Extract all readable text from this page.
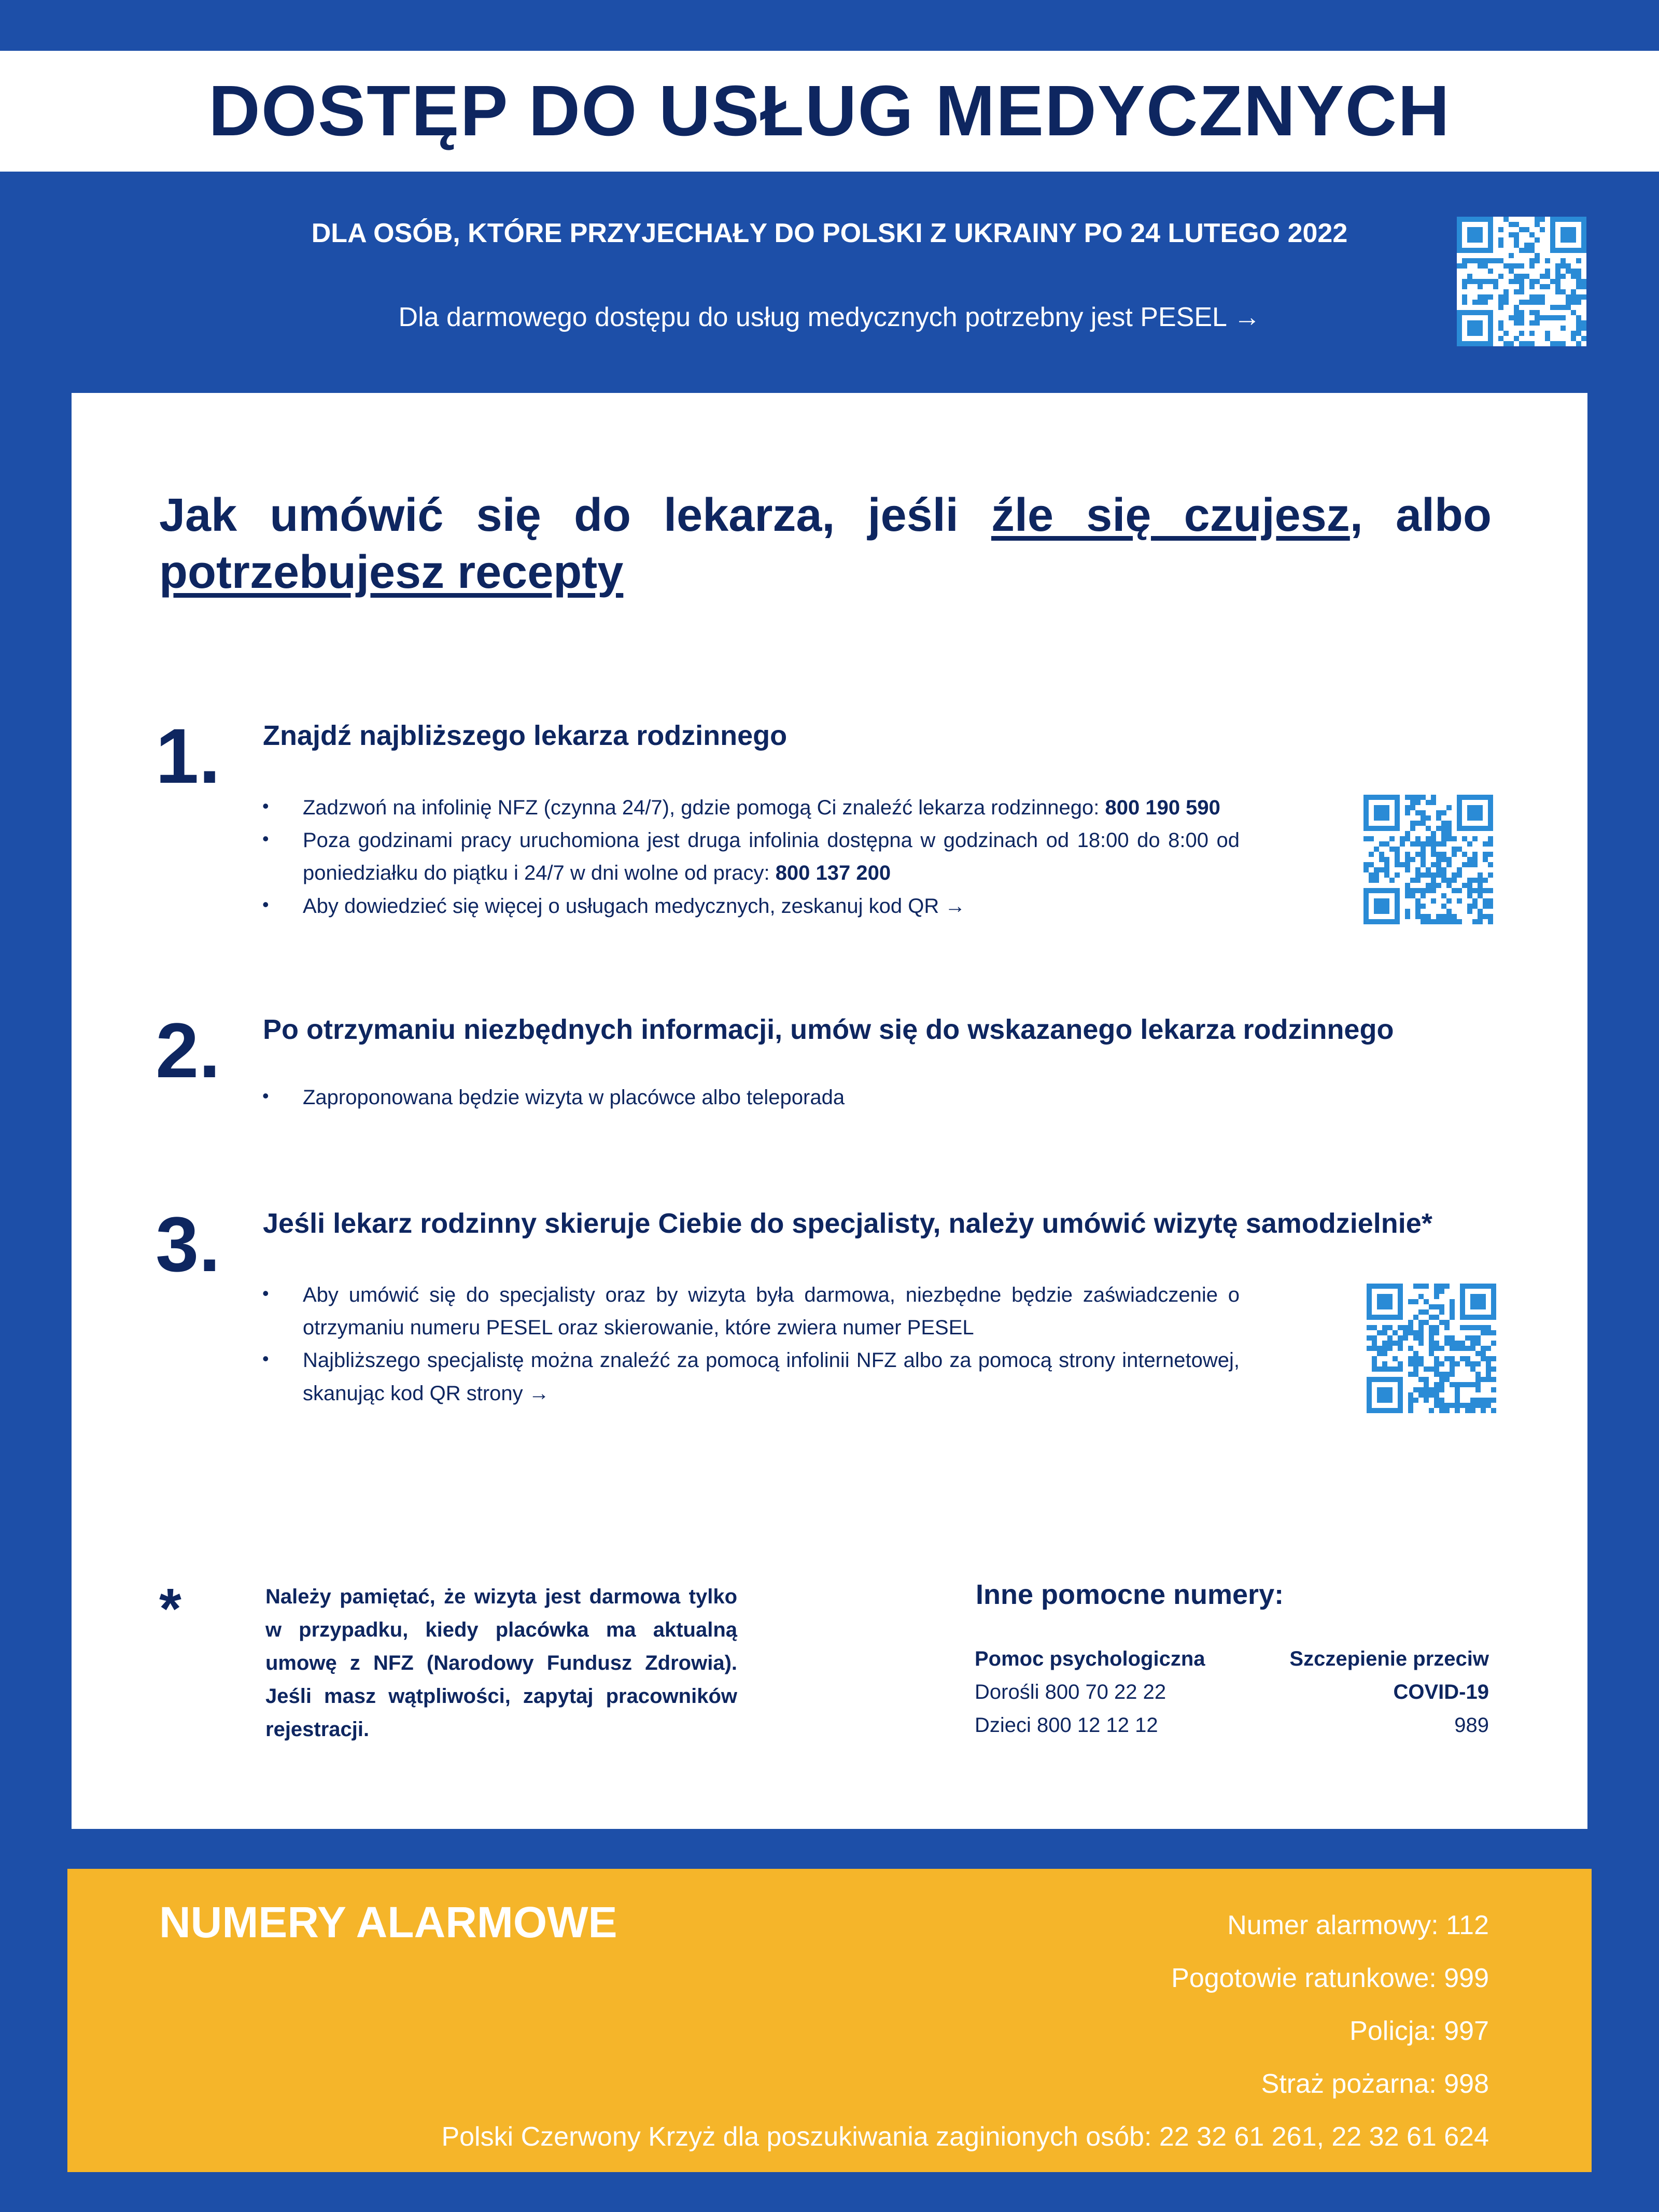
DOSTĘP DO USŁUG MEDYCZNYCH
DLA OSÓB, KTÓRE PRZYJECHAŁY DO POLSKI Z UKRAINY PO 24 LUTEGO 2022
Dla darmowego dostępu do usług medycznych potrzebny jest PESEL →
Jak umówić się do lekarza, jeśli źle się czujesz, albo potrzebujesz recepty
1. Znajdź najbliższego lekarza rodzinnego
• Zadzwoń na infolinię NFZ (czynna 24/7), gdzie pomogą Ci znaleźć lekarza rodzinnego: 800 190 590
• Poza godzinami pracy uruchomiona jest druga infolinia dostępna w godzinach od 18:00 do 8:00 od poniedziałku do piątku i 24/7 w dni wolne od pracy: 800 137 200
• Aby dowiedzieć się więcej o usługach medycznych, zeskanuj kod QR →
2. Po otrzymaniu niezbędnych informacji, umów się do wskazanego lekarza rodzinnego
• Zaproponowana będzie wizyta w placówce albo teleporada
3. Jeśli lekarz rodzinny skieruje Ciebie do specjalisty, należy umówić wizytę samodzielnie*
• Aby umówić się do specjalisty oraz by wizyta była darmowa, niezbędne będzie zaświadczenie o otrzymaniu numeru PESEL oraz skierowanie, które zwiera numer PESEL
• Najbliższego specjalistę można znaleźć za pomocą infolinii NFZ albo za pomocą strony internetowej, skanując kod QR strony →
*	Należy pamiętać, że wizyta jest darmowa tylko w przypadku, kiedy placówka ma aktualną umowę z NFZ (Narodowy Fundusz Zdrowia). Jeśli masz wątpliwości, zapytaj pracowników rejestracji.
Inne pomocne numery:
Pomoc psychologiczna
Dorośli 800 70 22 22
Dzieci 800 12 12 12
Szczepienie przeciw
COVID-19
989
NUMERY ALARMOWE	Numer alarmowy: 112
Pogotowie ratunkowe: 999
Policja: 997
Straż pożarna: 998
Polski Czerwony Krzyż dla poszukiwania zaginionych osób: 22 32 61 261, 22 32 61 624
